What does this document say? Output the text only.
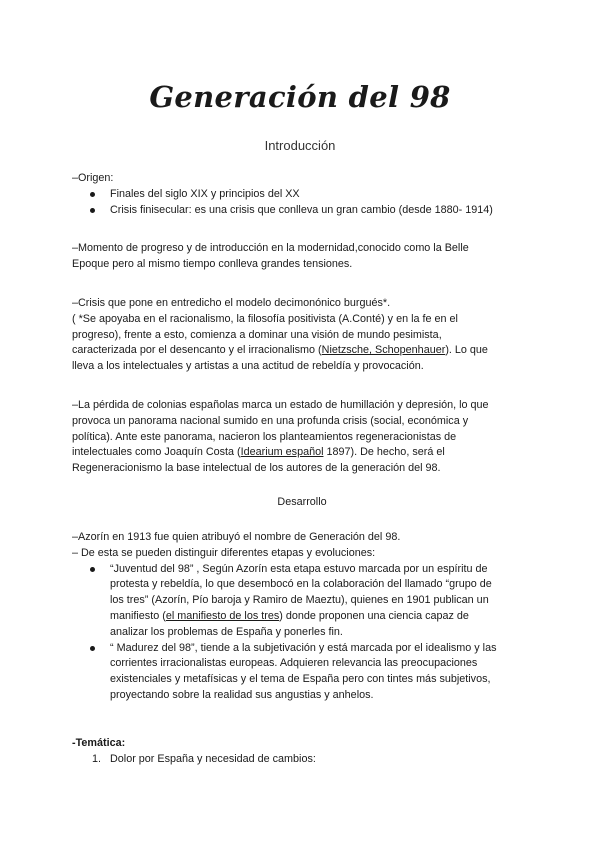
Generación del 98
Introducción
–Origen:
Finales del siglo XIX y principios del XX
Crisis finisecular: es una crisis que conlleva un gran cambio (desde 1880- 1914)
–Momento de progreso y de introducción en la modernidad,conocido como la Belle
Epoque pero al mismo tiempo conlleva grandes tensiones.
–Crisis que pone en entredicho el modelo decimonónico burgués*.
( *Se apoyaba en el racionalismo, la filosofía positivista (A.Conté) y en la fe en el
progreso), frente a esto, comienza a dominar una visión de mundo pesimista,
caracterizada por el desencanto y el irracionalismo (Nietzsche, Schopenhauer). Lo que
lleva a los intelectuales y artistas a una actitud de rebeldía y provocación.
–La pérdida de colonias españolas marca un estado de humillación y depresión, lo que
provoca un panorama nacional sumido en una profunda crisis (social, económica y
política). Ante este panorama, nacieron los planteamientos regeneracionistas de
intelectuales como Joaquín Costa (Idearium español 1897). De hecho, será el
Regeneracionismo la base intelectual de los autores de la generación del 98.
Desarrollo
–Azorín en 1913 fue quien atribuyó el nombre de Generación del 98.
– De esta se pueden distinguir diferentes etapas y evoluciones:
“Juventud del 98” , Según Azorín esta etapa estuvo marcada por un espíritu de
protesta y rebeldía, lo que desembocó en la colaboración del llamado “grupo de
los tres” (Azorín, Pío baroja y Ramiro de Maeztu), quienes en 1901 publican un
manifiesto (el manifiesto de los tres) donde proponen una ciencia capaz de
analizar los problemas de España y ponerles fin.
“ Madurez del 98”, tiende a la subjetivación y está marcada por el idealismo y las
corrientes irracionalistas europeas. Adquieren relevancia las preocupaciones
existenciales y metafísicas y el tema de España pero con tintes más subjetivos,
proyectando sobre la realidad sus angustias y anhelos.
-Temática:
1. Dolor por España y necesidad de cambios:
